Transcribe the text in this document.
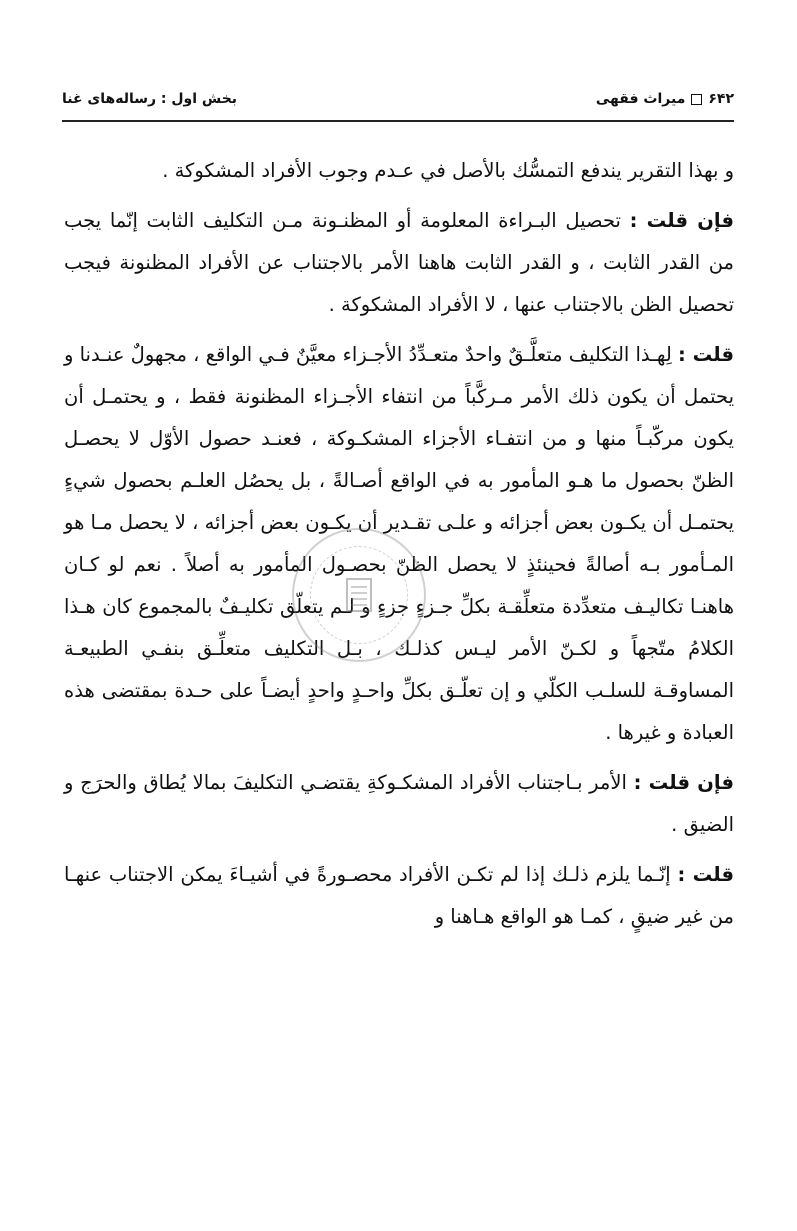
۶۴۲
میراث فقهی
بخش اول : رساله‌های غنا

و بهذا التقرير يندفع التمسُّك بالأصل في عـدم وجوب الأفراد المشكوكة .

فإن قلت : تحصيل البـراءة المعلومة أو المظنـونة مـن التكليف الثابت إنّما يجب من القدر الثابت ، و القدر الثابت هاهنا الأمر بالاجتناب عن الأفراد المظنونة فيجب تحصيل الظن بالاجتناب عنها ، لا الأفراد المشكوكة .

قلت : لِهـذا التكليف متعلَّـقٌ واحدٌ متعـدِّدُ الأجـزاء معيَّنٌ فـي الواقع ، مجهولٌ عنـدنا و يحتمل أن يكون ذلك الأمر مـركَّباً من انتفاء الأجـزاء المظنونة فقط ، و يحتمـل أن يكون مركّبـاً منها و من انتفـاء الأجزاء المشكـوكة ، فعنـد حصول الأوّل لا يحصـل الظنّ بحصول ما هـو المأمور به في الواقع أصـالةً ، بل يحصُل العلـم بحصول شيءٍ يحتمـل أن يكـون بعض أجزائه و علـى تقـدير أن يكـون بعض أجزائه ، لا يحصل مـا هو المـأمور بـه أصالةً فحينئذٍ لا يحصل الظنّ بحصـول المأمور به أصلاً . نعم لو كـان هاهنـا تكاليـف متعدِّدة متعلِّقـة بكلِّ جـزءٍ جزءٍ و لـم يتعلّق تكليـفٌ بالمجموع كان هـذا الكلامُ متّجهاً و لكـنّ الأمر ليـس كذلـك ، بـل التكليف متعلِّـق بنفـي الطبيعـة المساوقـة للسلـب الكلّي و إن تعلّـق بكلِّ واحـدٍ واحدٍ أيضـاً على حـدة بمقتضى هذه العبادة و غيرها .

فإن قلت : الأمر بـاجتناب الأفراد المشكـوكةِ يقتضـي التكليفَ بمالا يُطاق والحرَج و الضيق .

قلت : إنّـما يلزم ذلـك إذا لم تكـن الأفراد محصـورةً في أشيـاءَ يمكن الاجتناب عنهـا من غير ضيقٍ ، كمـا هو الواقع هـاهنا و
